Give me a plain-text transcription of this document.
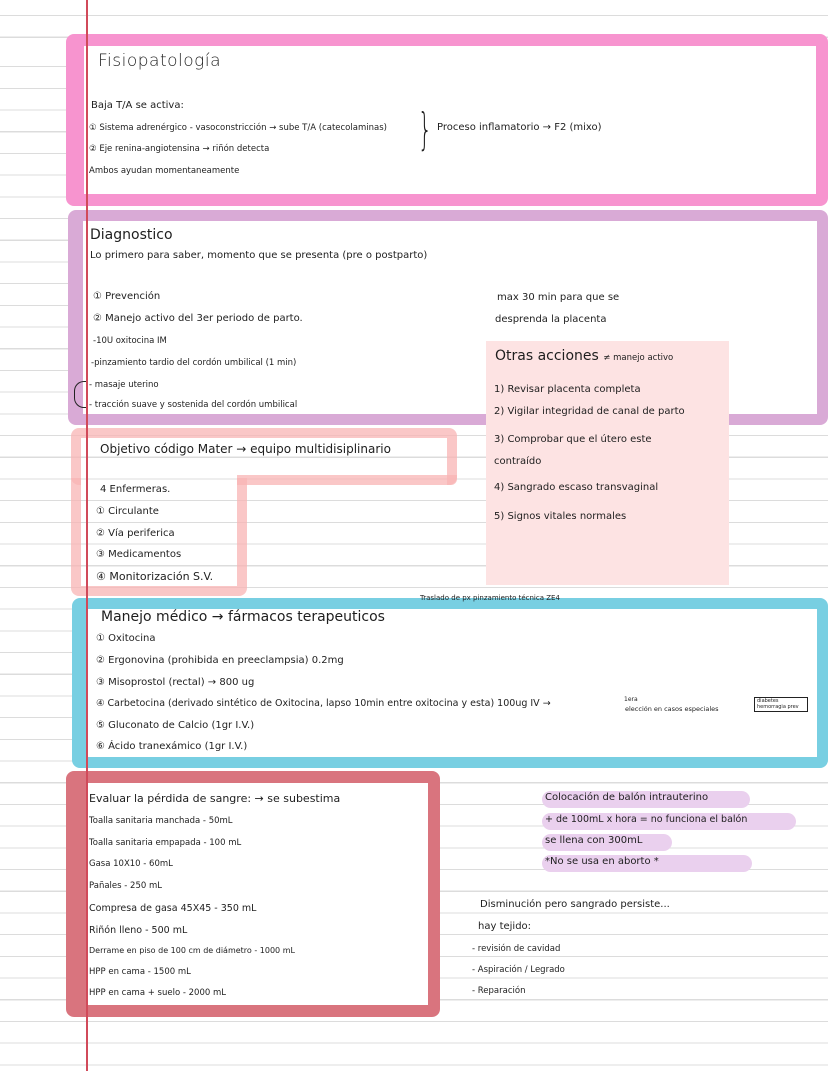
Fisiopatología
Baja T/A se activa:
① Sistema adrenérgico - vasoconstricción → sube T/A (catecolaminas)
② Eje renina-angiotensina → riñón detecta
Ambos ayudan momentaneamente
} Proceso inflamatorio → F2 (mixo)
Diagnostico
Lo primero para saber, momento que se presenta (pre o postparto)
① Prevención
② Manejo activo del 3er periodo de parto.
-10U oxitocina IM
-pinzamiento tardio del cordón umbilical (1 min)
- masaje uterino
- tracción suave y sostenida del cordón umbilical
max 30 min para que se
desprenda la placenta
Otras acciones ≠ manejo activo
1) Revisar placenta completa
2) Vigilar integridad de canal de parto
3) Comprobar que el útero este
contraído
4) Sangrado escaso transvaginal
5) Signos vitales normales
Objetivo código Mater → equipo multidisiplinario
4 Enfermeras.
① Circulante
② Vía periferica
③ Medicamentos
④ Monitorización S.V.
Traslado de px pinzamiento técnica ZE4
Manejo médico → fármacos terapeuticos
① Oxitocina
② Ergonovina (prohibida en preeclampsia) 0.2mg
③ Misoprostol (rectal) → 800 ug
④ Carbetocina (derivado sintético de Oxitocina, lapso 10min entre oxitocina y esta) 100ug IV →	1era
elección en casos especiales
diabetes
hemorragia prev
⑤ Gluconato de Calcio (1gr I.V.)
⑥ Ácido tranexámico (1gr I.V.)
Evaluar la pérdida de sangre: → se subestima
Toalla sanitaria manchada - 50mL
Toalla sanitaria empapada - 100 mL
Gasa 10X10 - 60mL
Pañales - 250 mL
Compresa de gasa 45X45 - 350 mL
Riñón lleno - 500 mL
Derrame en piso de 100 cm de diámetro - 1000 mL
HPP en cama - 1500 mL
HPP en cama + suelo - 2000 mL
Colocación de balón intrauterino
+ de 100mL x hora = no funciona el balón
se llena con 300mL
*No se usa en aborto *
Disminución pero sangrado persiste...
hay tejido:
- revisión de cavidad
- Aspiración / Legrado
- Reparación
